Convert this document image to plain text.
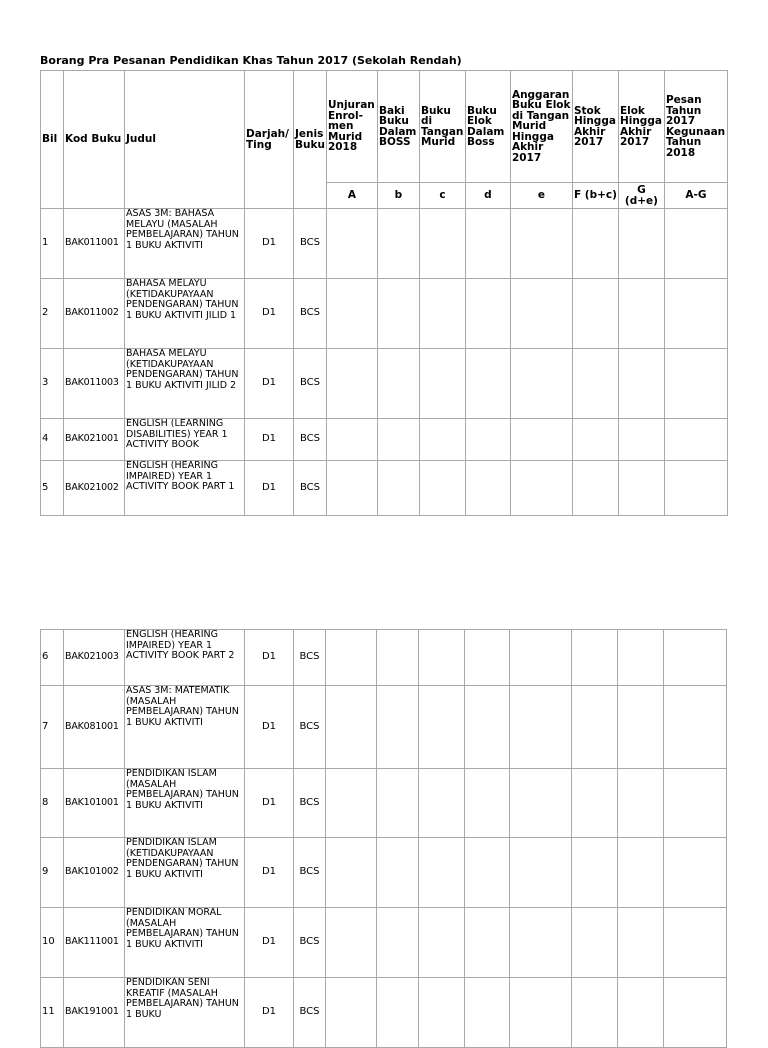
Borang Pra Pesanan Pendidikan Khas Tahun 2017 (Sekolah Rendah)
Bil	Kod Buku	Judul	Darjah/ Ting	Jenis Buku	Unjuran Enrol-men Murid 2018	Baki Buku Dalam BOSS	Buku di Tangan Murid	Buku Elok Dalam Boss	Anggaran Buku Elok di Tangan Murid Hingga Akhir 2017	Stok Hingga Akhir 2017	Elok Hingga Akhir 2017	Pesan Tahun 2017 Kegunaan Tahun 2018
					A	b	c	d	e	F (b+c)	G (d+e)	A-G
1	BAK011001	ASAS 3M: BAHASA MELAYU (MASALAH PEMBELAJARAN) TAHUN 1 BUKU AKTIVITI	D1	BCS								
2	BAK011002	BAHASA MELAYU (KETIDAKUPAYAAN PENDENGARAN) TAHUN 1 BUKU AKTIVITI JILID 1	D1	BCS								
3	BAK011003	BAHASA MELAYU (KETIDAKUPAYAAN PENDENGARAN) TAHUN 1 BUKU AKTIVITI JILID 2	D1	BCS								
4	BAK021001	ENGLISH (LEARNING DISABILITIES) YEAR 1 ACTIVITY BOOK	D1	BCS								
5	BAK021002	ENGLISH (HEARING IMPAIRED) YEAR 1 ACTIVITY BOOK PART 1	D1	BCS								
6	BAK021003	ENGLISH (HEARING IMPAIRED) YEAR 1 ACTIVITY BOOK PART 2	D1	BCS								
7	BAK081001	ASAS 3M: MATEMATIK (MASALAH PEMBELAJARAN) TAHUN 1 BUKU AKTIVITI	D1	BCS								
8	BAK101001	PENDIDIKAN ISLAM (MASALAH PEMBELAJARAN) TAHUN 1 BUKU AKTIVITI	D1	BCS								
9	BAK101002	PENDIDIKAN ISLAM (KETIDAKUPAYAAN PENDENGARAN) TAHUN 1 BUKU AKTIVITI	D1	BCS								
10	BAK111001	PENDIDIKAN MORAL (MASALAH PEMBELAJARAN) TAHUN 1 BUKU AKTIVITI	D1	BCS								
11	BAK191001	PENDIDIKAN SENI KREATIF (MASALAH PEMBELAJARAN) TAHUN 1 BUKU	D1	BCS								
